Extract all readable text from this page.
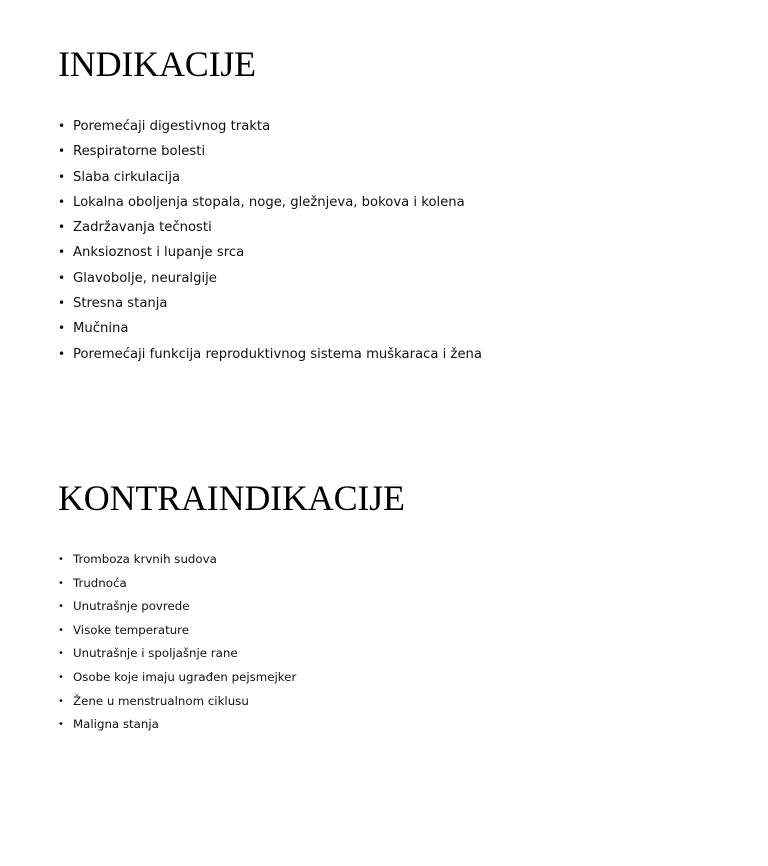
INDIKACIJE
• Poremećaji digestivnog trakta
• Respiratorne bolesti
• Slaba cirkulacija
• Lokalna oboljenja stopala, noge, gležnjeva, bokova i kolena
• Zadržavanja tečnosti
• Anksioznost i lupanje srca
• Glavobolje, neuralgije
• Stresna stanja
• Mučnina
• Poremećaji funkcija reproduktivnog sistema muškaraca i žena
KONTRAINDIKACIJE
• Tromboza krvnih sudova
• Trudnoća
• Unutrašnje povrede
• Visoke temperature
• Unutrašnje i spoljašnje rane
• Osobe koje imaju ugrađen pejsmejker
• Žene u menstrualnom ciklusu
• Maligna stanja
